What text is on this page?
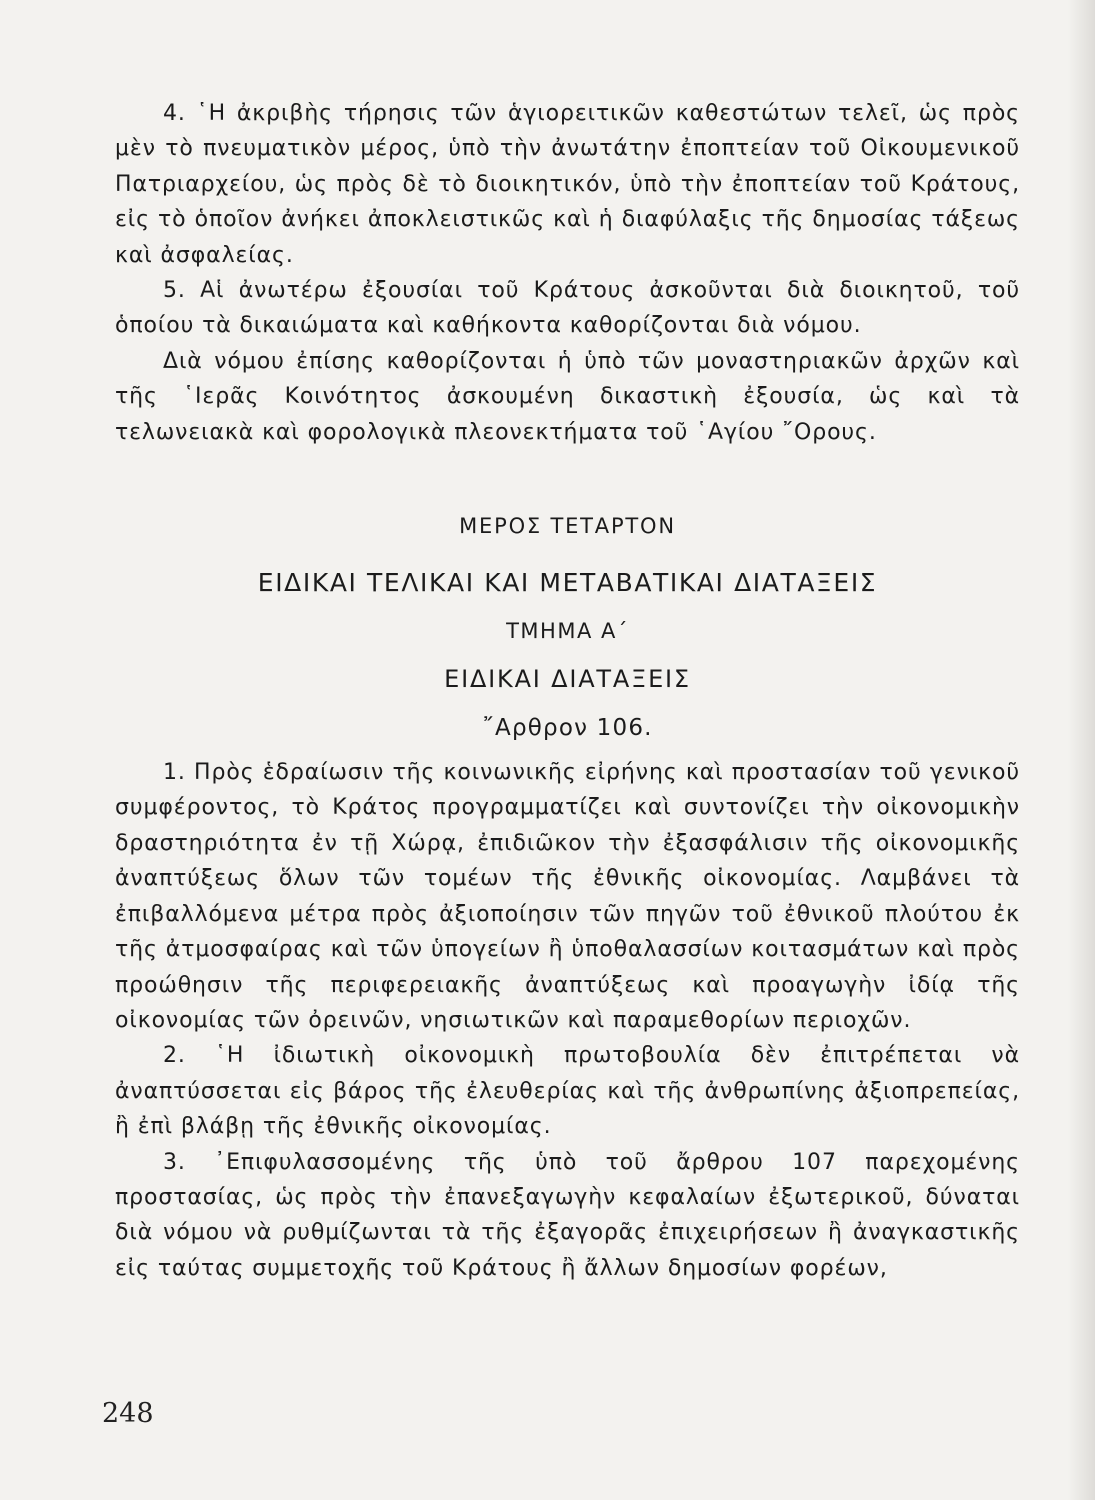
4. ῾Η ἀκριβὴς τήρησις τῶν ἁγιορειτικῶν καθεστώτων τελεῖ, ὡς πρὸς μὲν τὸ πνευματικὸν μέρος, ὑπὸ τὴν ἀνωτάτην ἐποπτείαν τοῦ Οἰκουμενικοῦ Πατριαρχείου, ὡς πρὸς δὲ τὸ διοικητικόν, ὑπὸ τὴν ἐποπτείαν τοῦ Κράτους, εἰς τὸ ὁποῖον ἀνήκει ἀποκλειστικῶς καὶ ἡ διαφύλαξις τῆς δημοσίας τάξεως καὶ ἀσφαλείας.

5. Αἱ ἀνωτέρω ἐξουσίαι τοῦ Κράτους ἀσκοῦνται διὰ διοικητοῦ, τοῦ ὁποίου τὰ δικαιώματα καὶ καθήκοντα καθορίζονται διὰ νόμου.

Διὰ νόμου ἐπίσης καθορίζονται ἡ ὑπὸ τῶν μοναστηριακῶν ἀρχῶν καὶ τῆς ῾Ιερᾶς Κοινότητος ἀσκουμένη δικαστικὴ ἐξουσία, ὡς καὶ τὰ τελωνειακὰ καὶ φορολογικὰ πλεονεκτήματα τοῦ ῾Αγίου ῎Ορους.

ΜΕΡΟΣ ΤΕΤΑΡΤΟΝ

ΕΙΔΙΚΑΙ ΤΕΛΙΚΑΙ ΚΑΙ ΜΕΤΑΒΑΤΙΚΑΙ ΔΙΑΤΑΞΕΙΣ

ΤΜΗΜΑ Α΄

ΕΙΔΙΚΑΙ ΔΙΑΤΑΞΕΙΣ

῎Αρθρον 106.

1. Πρὸς ἑδραίωσιν τῆς κοινωνικῆς εἰρήνης καὶ προστασίαν τοῦ γενικοῦ συμφέροντος, τὸ Κράτος προγραμματίζει καὶ συντονίζει τὴν οἰκονομικὴν δραστηριότητα ἐν τῇ Χώρᾳ, ἐπιδιῶκον τὴν ἐξασφάλισιν τῆς οἰκονομικῆς ἀναπτύξεως ὅλων τῶν τομέων τῆς ἐθνικῆς οἰκονομίας. Λαμβάνει τὰ ἐπιβαλλόμενα μέτρα πρὸς ἀξιοποίησιν τῶν πηγῶν τοῦ ἐθνικοῦ πλούτου ἐκ τῆς ἀτμοσφαίρας καὶ τῶν ὑπογείων ἢ ὑποθαλασσίων κοιτασμάτων καὶ πρὸς προώθησιν τῆς περιφερειακῆς ἀναπτύξεως καὶ προαγωγὴν ἰδίᾳ τῆς οἰκονομίας τῶν ὀρεινῶν, νησιωτικῶν καὶ παραμεθορίων περιοχῶν.

2. ῾Η ἰδιωτικὴ οἰκονομικὴ πρωτοβουλία δὲν ἐπιτρέπεται νὰ ἀναπτύσσεται εἰς βάρος τῆς ἐλευθερίας καὶ τῆς ἀνθρωπίνης ἀξιοπρεπείας, ἢ ἐπὶ βλάβῃ τῆς ἐθνικῆς οἰκονομίας.

3. ᾿Επιφυλασσομένης τῆς ὑπὸ τοῦ ἄρθρου 107 παρεχομένης προστασίας, ὡς πρὸς τὴν ἐπανεξαγωγὴν κεφαλαίων ἐξωτερικοῦ, δύναται διὰ νόμου νὰ ρυθμίζωνται τὰ τῆς ἐξαγορᾶς ἐπιχειρήσεων ἢ ἀναγκαστικῆς εἰς ταύτας συμμετοχῆς τοῦ Κράτους ἢ ἄλλων δημοσίων φορέων,

248
